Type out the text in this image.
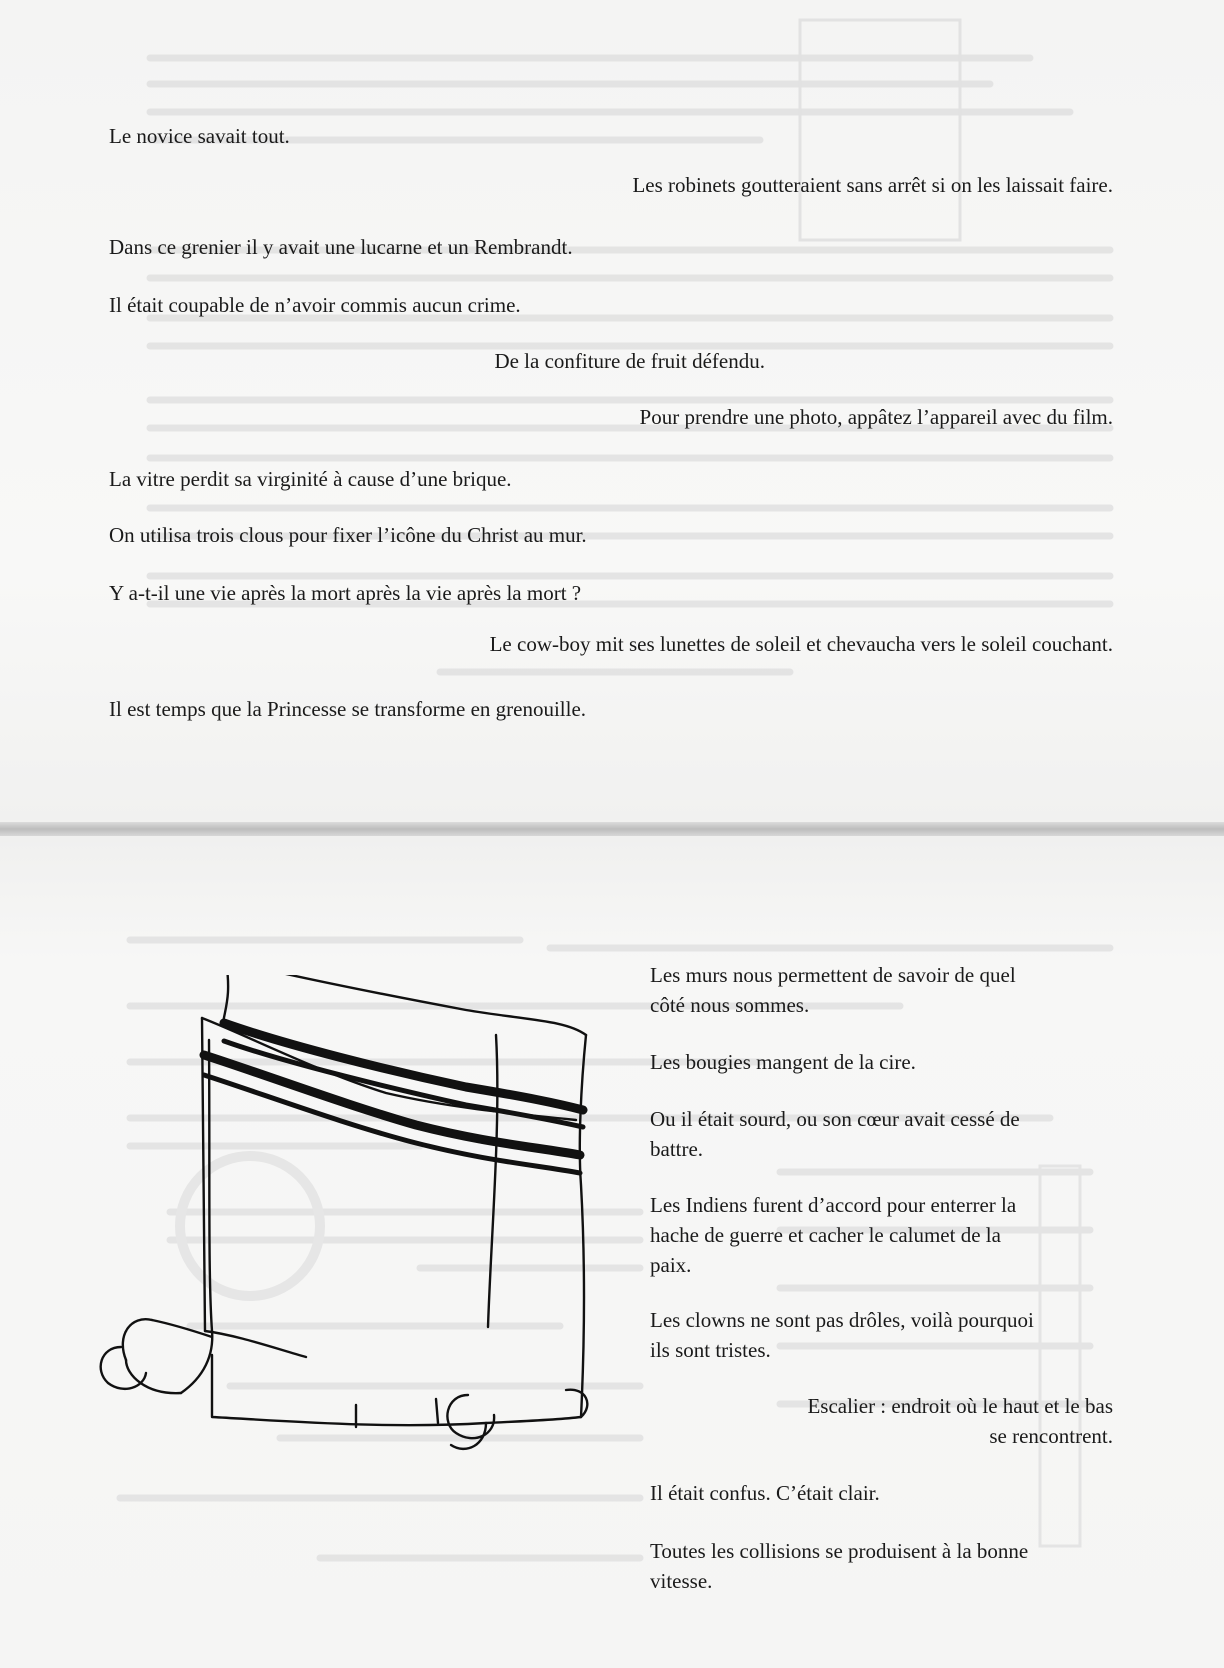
Le novice savait tout.

Les robinets goutteraient sans arrêt si on les laissait faire.

Dans ce grenier il y avait une lucarne et un Rembrandt.

Il était coupable de n’avoir commis aucun crime.

De la confiture de fruit défendu.

Pour prendre une photo, appâtez l’appareil avec du film.

La vitre perdit sa virginité à cause d’une brique.

On utilisa trois clous pour fixer l’icône du Christ au mur.

Y a-t-il une vie après la mort après la vie après la mort ?

Le cow-boy mit ses lunettes de soleil et chevaucha vers le soleil couchant.

Il est temps que la Princesse se transforme en grenouille.

Les murs nous permettent de savoir de quel
côté nous sommes.

Les bougies mangent de la cire.

Ou il était sourd, ou son cœur avait cessé de
battre.

Les Indiens furent d’accord pour enterrer la
hache de guerre et cacher le calumet de la
paix.

Les clowns ne sont pas drôles, voilà pourquoi
ils sont tristes.

Escalier : endroit où le haut et le bas
se rencontrent.

Il était confus. C’était clair.

Toutes les collisions se produisent à la bonne
vitesse.
